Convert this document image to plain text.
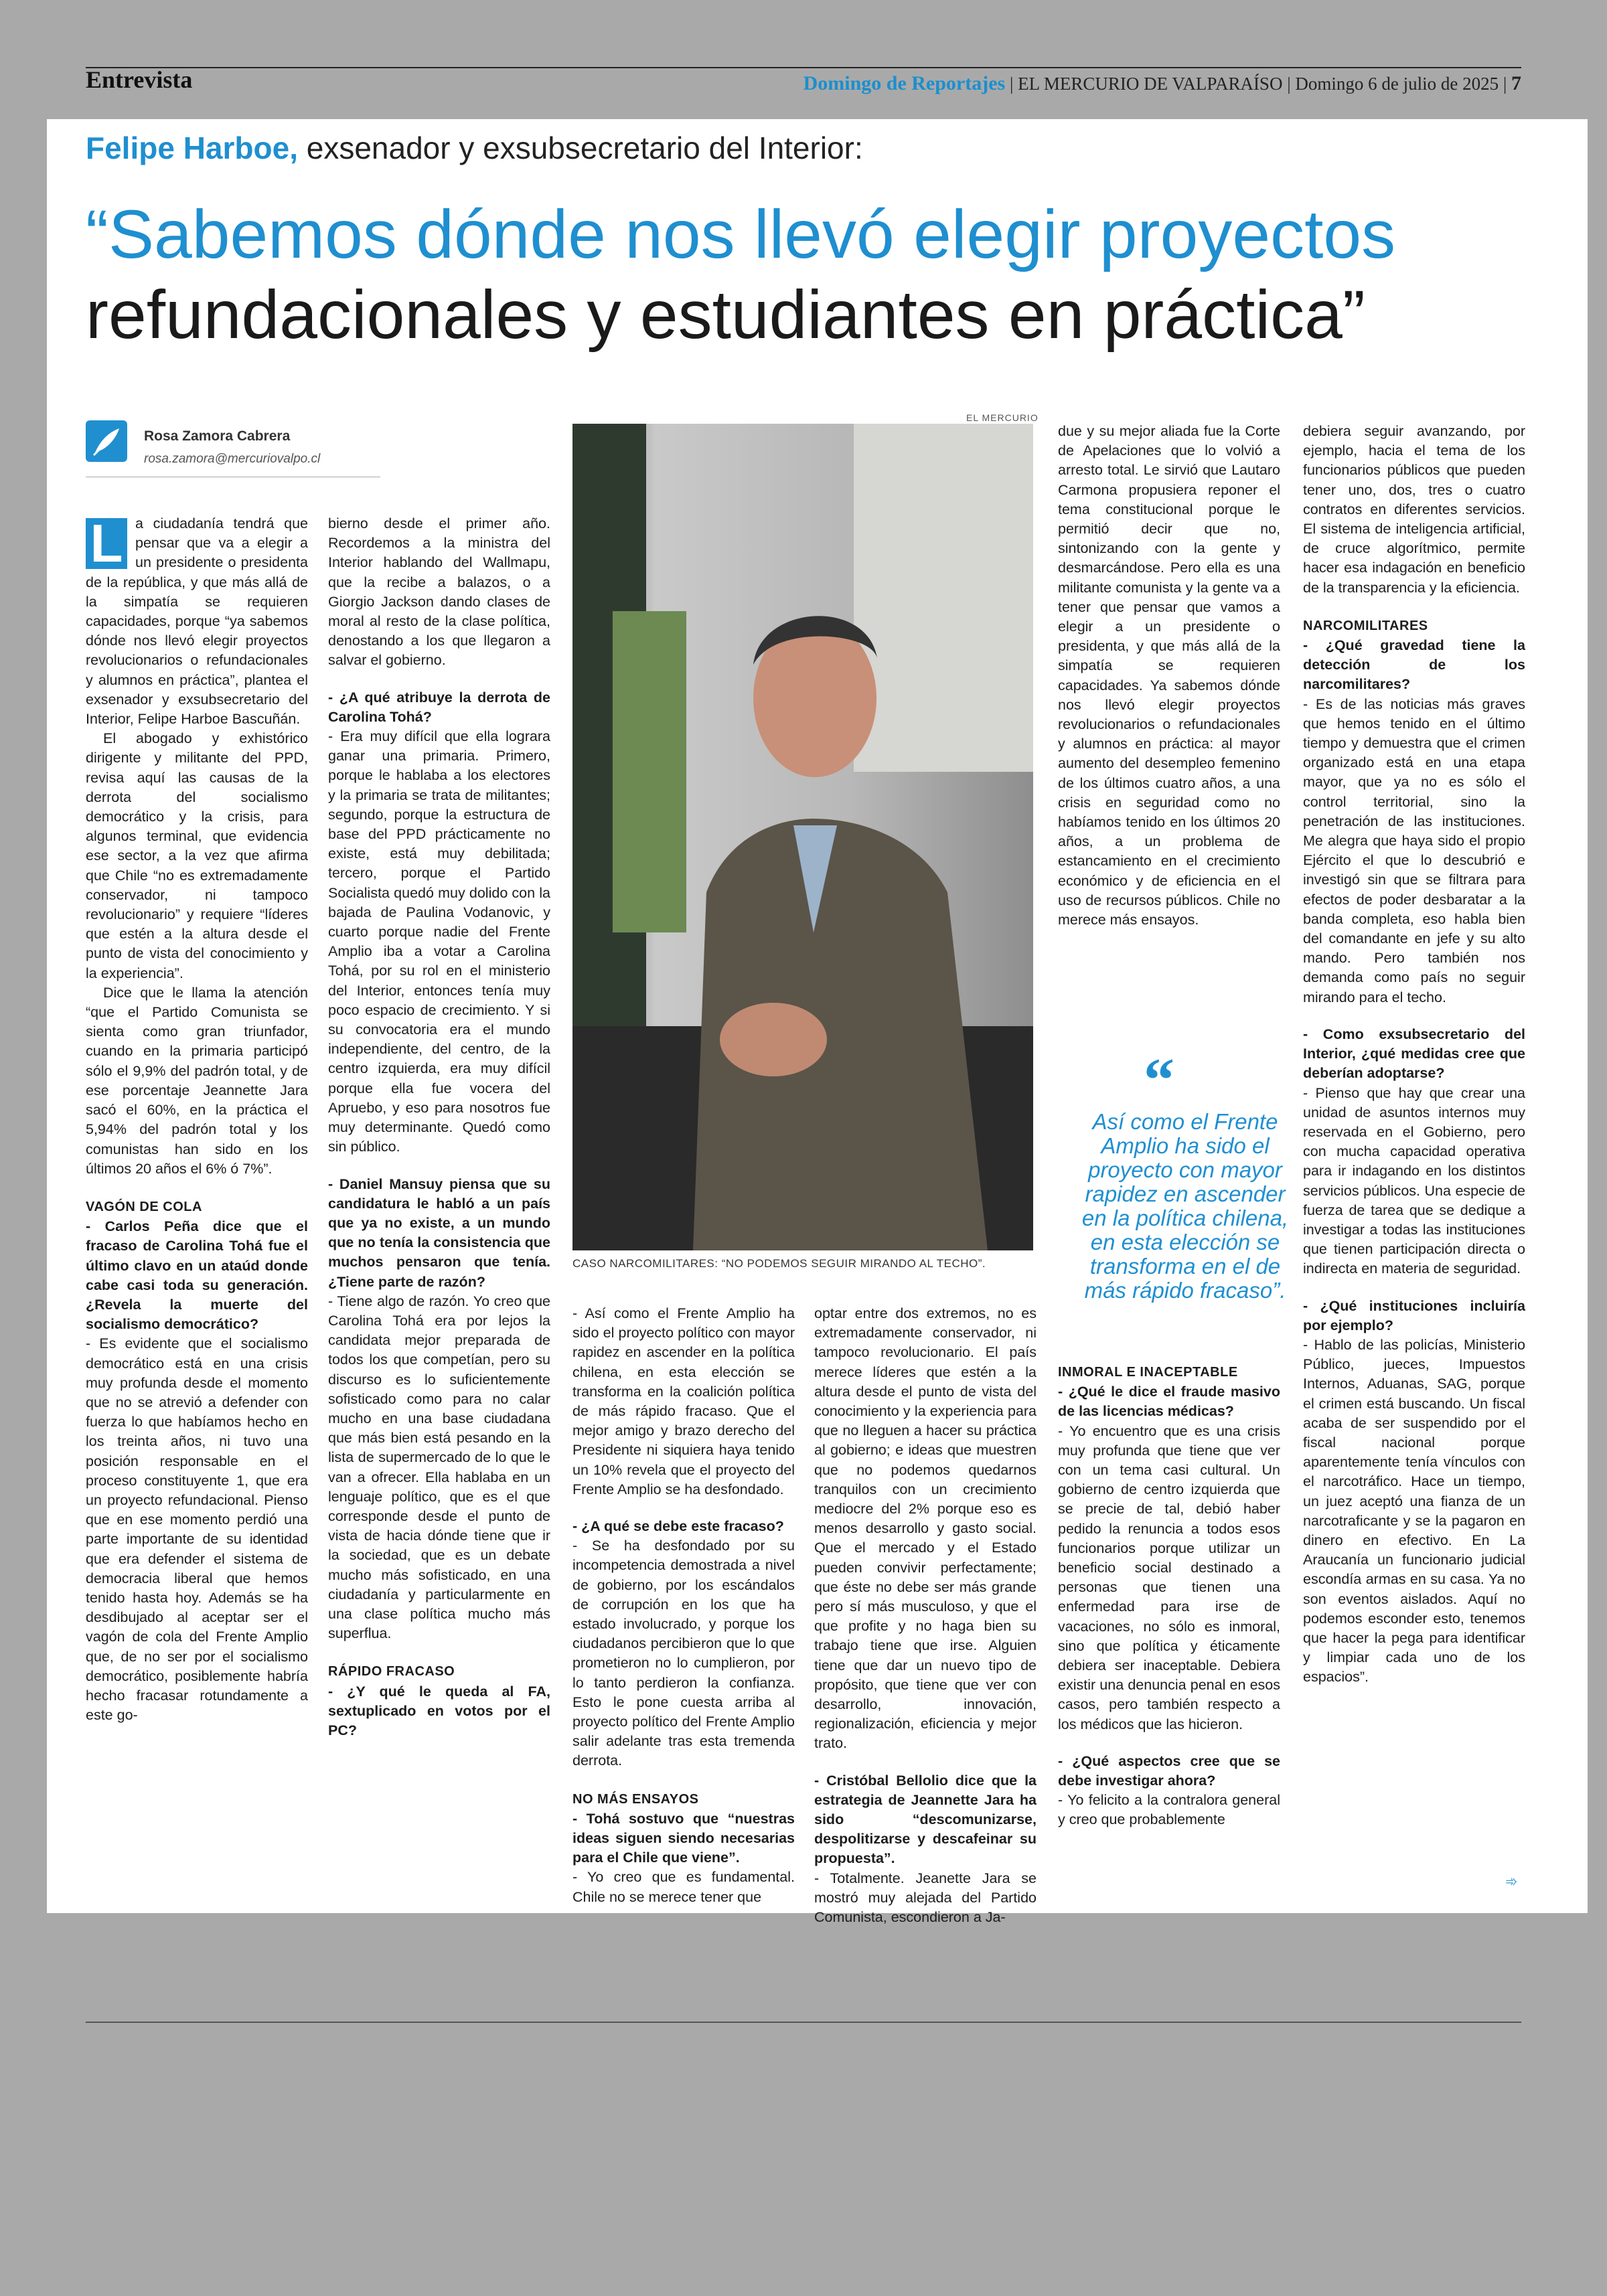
Entrevista	Domingo de Reportajes | EL MERCURIO DE VALPARAÍSO | Domingo 6 de julio de 2025 | 7
Felipe Harboe, exsenador y exsubsecretario del Interior:
“Sabemos dónde nos llevó elegir proyectos
refundacionales y estudiantes en práctica”
Rosa Zamora Cabrera
rosa.zamora@mercuriovalpo.cl

L a ciudadanía tendrá que pensar que va a elegir a un presidente o presidenta de la república, y que más allá de la simpatía se requieren capacidades, porque “ya sabemos dónde nos llevó elegir proyectos revolucionarios o refundacionales y alumnos en práctica”, plantea el exsenador y exsubsecretario del Interior, Felipe Harboe Bascuñán.

El abogado y exhistórico dirigente y militante del PPD, revisa aquí las causas de la derrota del socialismo democrático y la crisis, para algunos terminal, que evidencia ese sector, a la vez que afirma que Chile “no es extremadamente conservador, ni tampoco revolucionario” y requiere “líderes que estén a la altura desde el punto de vista del conocimiento y la experiencia”.

Dice que le llama la atención “que el Partido Comunista se sienta como gran triunfador, cuando en la primaria participó sólo el 9,9% del padrón total, y de ese porcentaje Jeannette Jara sacó el 60%, en la práctica el 5,94% del padrón total y los comunistas han sido en los últimos 20 años el 6% ó 7%”.

VAGÓN DE COLA

- Carlos Peña dice que el fracaso de Carolina Tohá fue el último clavo en un ataúd donde cabe casi toda su generación. ¿Revela la muerte del socialismo democrático?

- Es evidente que el socialismo democrático está en una crisis muy profunda desde el momento que no se atrevió a defender con fuerza lo que habíamos hecho en los treinta años, ni tuvo una posición responsable en el proceso constituyente 1, que era un proyecto refundacional. Pienso que en ese momento perdió una parte importante de su identidad que era defender el sistema de democracia liberal que hemos tenido hasta hoy. Además se ha desdibujado al aceptar ser el vagón de cola del Frente Amplio que, de no ser por el socialismo democrático, posiblemente habría hecho fracasar rotundamente a este go-

bierno desde el primer año. Recordemos a la ministra del Interior hablando del Wallmapu, que la recibe a balazos, o a Giorgio Jackson dando clases de moral al resto de la clase política, denostando a los que llegaron a salvar el gobierno.

- ¿A qué atribuye la derrota de Carolina Tohá?

- Era muy difícil que ella lograra ganar una primaria. Primero, porque le hablaba a los electores y la primaria se trata de militantes; segundo, porque la estructura de base del PPD prácticamente no existe, está muy debilitada; tercero, porque el Partido Socialista quedó muy dolido con la bajada de Paulina Vodanovic, y cuarto porque nadie del Frente Amplio iba a votar a Carolina Tohá, por su rol en el ministerio del Interior, entonces tenía muy poco espacio de crecimiento. Y si su convocatoria era el mundo independiente, del centro, de la centro izquierda, era muy difícil porque ella fue vocera del Apruebo, y eso para nosotros fue muy determinante. Quedó como sin público.

- Daniel Mansuy piensa que su candidatura le habló a un país que ya no existe, a un mundo que no tenía la consistencia que muchos pensaron que tenía. ¿Tiene parte de razón?

- Tiene algo de razón. Yo creo que Carolina Tohá era por lejos la candidata mejor preparada de todos los que competían, pero su discurso es lo suficientemente sofisticado como para no calar mucho en una base ciudadana que más bien está pesando en la lista de supermercado de lo que le van a ofrecer. Ella hablaba en un lenguaje político, que es el que corresponde desde el punto de vista de hacia dónde tiene que ir la sociedad, que es un debate mucho más sofisticado, en una ciudadanía y particularmente en una clase política mucho más superflua.

RÁPIDO FRACASO

- ¿Y qué le queda al FA, sextuplicado en votos por el PC?

EL MERCURIO
CASO NARCOMILITARES: “NO PODEMOS SEGUIR MIRANDO AL TECHO”.

- Así como el Frente Amplio ha sido el proyecto político con mayor rapidez en ascender en la política chilena, en esta elección se transforma en la coalición política de más rápido fracaso. Que el mejor amigo y brazo derecho del Presidente ni siquiera haya tenido un 10% revela que el proyecto del Frente Amplio se ha desfondado.

- ¿A qué se debe este fracaso?

- Se ha desfondado por su incompetencia demostrada a nivel de gobierno, por los escándalos de corrupción en los que ha estado involucrado, y porque los ciudadanos percibieron que lo que prometieron no lo cumplieron, por lo tanto perdieron la confianza. Esto le pone cuesta arriba al proyecto político del Frente Amplio salir adelante tras esta tremenda derrota.

NO MÁS ENSAYOS

- Tohá sostuvo que “nuestras ideas siguen siendo necesarias para el Chile que viene”.

- Yo creo que es fundamental. Chile no se merece tener que

optar entre dos extremos, no es extremadamente conservador, ni tampoco revolucionario. El país merece líderes que estén a la altura desde el punto de vista del conocimiento y la experiencia para que no lleguen a hacer su práctica al gobierno; e ideas que muestren que no podemos quedarnos tranquilos con un crecimiento mediocre del 2% porque eso es menos desarrollo y gasto social. Que el mercado y el Estado pueden convivir perfectamente; que éste no debe ser más grande pero sí más musculoso, y que el que profite y no haga bien su trabajo tiene que irse. Alguien tiene que dar un nuevo tipo de propósito, que tiene que ver con desarrollo, innovación, regionalización, eficiencia y mejor trato.

- Cristóbal Bellolio dice que la estrategia de Jeannette Jara ha sido “descomunizarse, despolitizarse y descafeinar su propuesta”.

- Totalmente. Jeanette Jara se mostró muy alejada del Partido Comunista, escondieron a Ja-

due y su mejor aliada fue la Corte de Apelaciones que lo volvió a arresto total. Le sirvió que Lautaro Carmona propusiera reponer el tema constitucional porque le permitió decir que no, sintonizando con la gente y desmarcándose. Pero ella es una militante comunista y la gente va a tener que pensar que vamos a elegir a un presidente o presidenta, y que más allá de la simpatía se requieren capacidades. Ya sabemos dónde nos llevó elegir proyectos revolucionarios o refundacionales y alumnos en práctica: al mayor aumento del desempleo femenino de los últimos cuatro años, a una crisis en seguridad como no habíamos tenido en los últimos 20 años, a un problema de estancamiento en el crecimiento económico y de eficiencia en el uso de recursos públicos. Chile no merece más ensayos.

“
Así como el Frente Amplio ha sido el proyecto con mayor rapidez en ascender en la política chilena, en esta elección se transforma en el de más rápido fracaso”.

INMORAL E INACEPTABLE

- ¿Qué le dice el fraude masivo de las licencias médicas?

- Yo encuentro que es una crisis muy profunda que tiene que ver con un tema casi cultural. Un gobierno de centro izquierda que se precie de tal, debió haber pedido la renuncia a todos esos funcionarios porque utilizar un beneficio social destinado a personas que tienen una enfermedad para irse de vacaciones, no sólo es inmoral, sino que política y éticamente debiera ser inaceptable. Debiera existir una denuncia penal en esos casos, pero también respecto a los médicos que las hicieron.

- ¿Qué aspectos cree que se debe investigar ahora?

- Yo felicito a la contralora general y creo que probablemente

debiera seguir avanzando, por ejemplo, hacia el tema de los funcionarios públicos que pueden tener uno, dos, tres o cuatro contratos en diferentes servicios. El sistema de inteligencia artificial, de cruce algorítmico, permite hacer esa indagación en beneficio de la transparencia y la eficiencia.

NARCOMILITARES

- ¿Qué gravedad tiene la detección de los narcomilitares?

- Es de las noticias más graves que hemos tenido en el último tiempo y demuestra que el crimen organizado está en una etapa mayor, que ya no es sólo el control territorial, sino la penetración de las instituciones. Me alegra que haya sido el propio Ejército el que lo descubrió e investigó sin que se filtrara para efectos de poder desbaratar a la banda completa, eso habla bien del comandante en jefe y su alto mando. Pero también nos demanda como país no seguir mirando para el techo.

- Como exsubsecretario del Interior, ¿qué medidas cree que deberían adoptarse?

- Pienso que hay que crear una unidad de asuntos internos muy reservada en el Gobierno, pero con mucha capacidad operativa para ir indagando en los distintos servicios públicos. Una especie de fuerza de tarea que se dedique a investigar a todas las instituciones que tienen participación directa o indirecta en materia de seguridad.

- ¿Qué instituciones incluiría por ejemplo?

- Hablo de las policías, Ministerio Público, jueces, Impuestos Internos, Aduanas, SAG, porque el crimen está buscando. Un fiscal acaba de ser suspendido por el fiscal nacional porque aparentemente tenía vínculos con el narcotráfico. Hace un tiempo, un juez aceptó una fianza de un narcotraficante y se la pagaron en dinero en efectivo. En La Araucanía un funcionario judicial escondía armas en su casa. Ya no son eventos aislados. Aquí no podemos esconder esto, tenemos que hacer la pega para identificar y limpiar cada uno de los espacios”.

➾
